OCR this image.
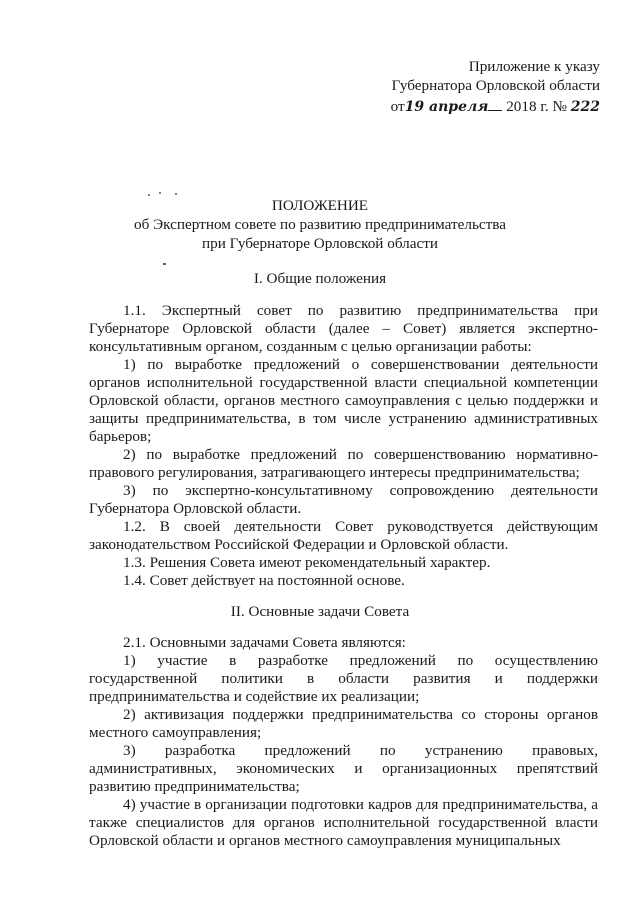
Приложение к указу
Губернатора Орловской области
от19 апреля 2018 г. № 222
ПОЛОЖЕНИЕ
об Экспертном совете по развитию предпринимательства
при Губернаторе Орловской области
I. Общие положения

1.1. Экспертный совет по развитию предпринимательства при Губернаторе Орловской области (далее – Совет) является экспертно-консультативным органом, созданным с целью организации работы:

1) по выработке предложений о совершенствовании деятельности органов исполнительной государственной власти специальной компетенции Орловской области, органов местного самоуправления с целью поддержки и защиты предпринимательства, в том числе устранению административных барьеров;

2) по выработке предложений по совершенствованию нормативно-правового регулирования, затрагивающего интересы предпринимательства;

3) по экспертно-консультативному сопровождению деятельности Губернатора Орловской области.

1.2. В своей деятельности Совет руководствуется действующим законодательством Российской Федерации и Орловской области.

1.3. Решения Совета имеют рекомендательный характер.

1.4. Совет действует на постоянной основе.

II. Основные задачи Совета

2.1. Основными задачами Совета являются:

1) участие в разработке предложений по осуществлению государственной политики в области развития и поддержки предпринимательства и содействие их реализации;

2) активизация поддержки предпринимательства со стороны органов местного самоуправления;

3) разработка предложений по устранению правовых, административных, экономических и организационных препятствий развитию предпринимательства;

4) участие в организации подготовки кадров для предпринимательства, а также специалистов для органов исполнительной государственной власти Орловской области и органов местного самоуправления муниципальных
